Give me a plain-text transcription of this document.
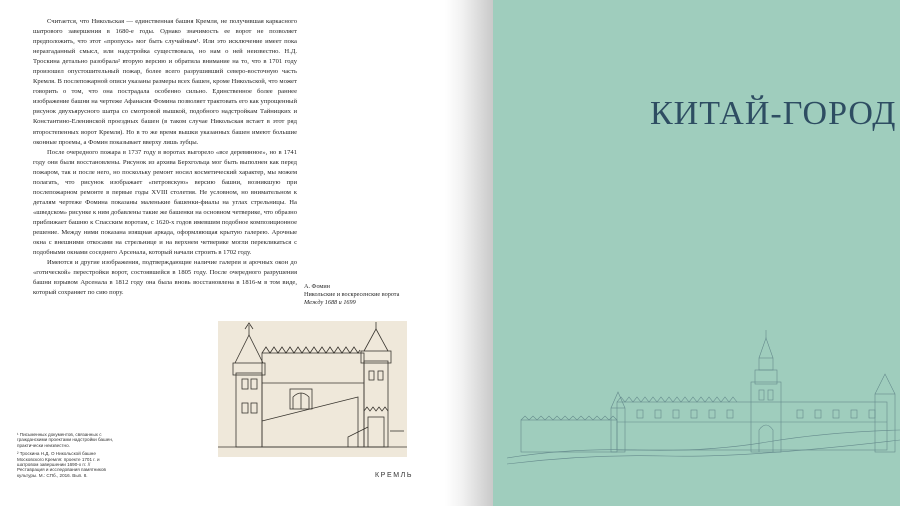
Считается, что Никольская — единственная башня Кремля, не получившая каркасного шатрового завершения в 1680-е годы. Однако значимость ее ворот не позволяет предположить, что этот «пропуск» мог быть случайным¹. Или это исключение имеет пока неразгаданный смысл, или надстройка существовала, но нам о ней неизвестно. Н.Д. Троскина детально разобрала² вторую версию и обратила внимание на то, что в 1701 году произошел опустошительный пожар, более всего разрушивший северо-восточную часть Кремля. В послепожарной описи указаны размеры всех башен, кроме Никольской, что может говорить о том, что она пострадала особенно сильно. Единственное более раннее изображение башни на чертеже Афанасия Фомина позволяет трактовать его как упрощенный рисунок двухъярусного шатра со смотровой вышкой, подобного надстройкам Тайницких и Константино-Еленинской проездных башен (в таком случае Никольская встает в этот ряд второстепенных ворот Кремля). Но в то же время вышки указанных башен имеют большие оконные проемы, а Фомин показывает вверху лишь зубцы.

После очередного пожара в 1737 году в воротах выгорело «все деревянное», но в 1741 году они были восстановлены. Рисунок из архива Берхгольца мог быть выполнен как перед пожаром, так и после него, но поскольку ремонт носил косметический характер, мы можем полагать, что рисунок изображает «петровскую» версию башни, возникшую при послепожарном ремонте в первые годы XVIII столетия. Не условном, но внимательном к деталям чертеже Фомина показаны маленькие башенки-фиалы на углах стрельницы. На «шведском» рисунке к ним добавлены такие же башенки на основном четверике, что образно приближает башню к Спасским воротам, с 1620-х годов имевшим подобное композиционное решение. Между ними показана изящная аркада, оформляющая крытую галерею. Арочные окна с внешними откосами на стрельнице и на верхнем четверике могли перекликаться с подобными окнами соседнего Арсенала, который начали строить в 1702 году.

Имеются и другие изображения, подтверждающие наличие галереи и арочных окон до «готической» перестройки ворот, состоявшейся в 1805 году. После очередного разрушения башни взрывом Арсенала в 1812 году она была вновь восстановлена в 1816-м в том виде, который сохраняет по сию пору.

А. Фомин
Никольские и воскресенские ворота
Между 1688 и 1699

¹ Письменных документов, связанных с гражданскими проектами надстройки башен, практически неизвестно.

² Троскина Н.Д. О Никольской башне Московского Кремля: проекте 1701 г. и шатровом завершении 1690-х гг. // Реставрация и исследования памятников культуры. М.: СПб., 2016. Вып. 8.	КРЕМЛЬ
КИТАЙ-ГОРОД
